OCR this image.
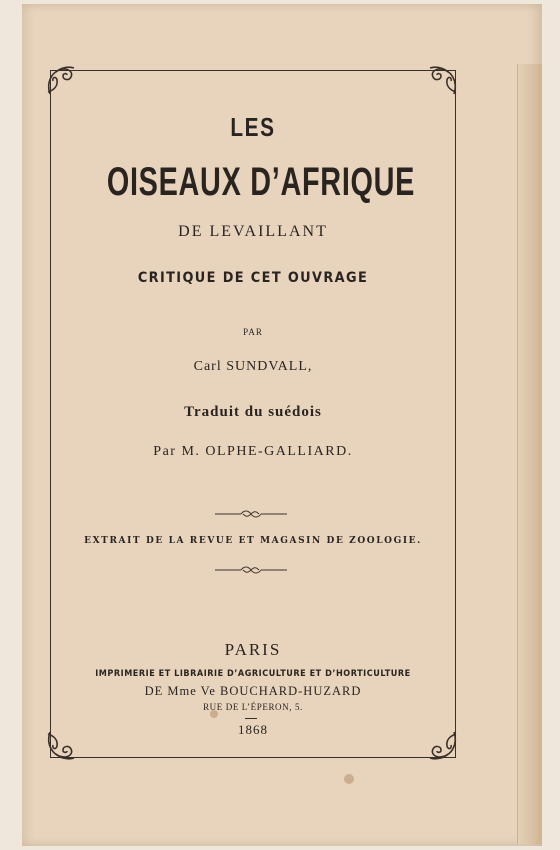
LES
OISEAUX D’AFRIQUE
DE LEVAILLANT
CRITIQUE DE CET OUVRAGE
PAR
Carl SUNDVALL,
Traduit du suédois
Par M. OLPHE-GALLIARD.
EXTRAIT DE LA REVUE ET MAGASIN DE ZOOLOGIE.
PARIS
IMPRIMERIE ET LIBRAIRIE D’AGRICULTURE ET D’HORTICULTURE
DE Mme Ve BOUCHARD-HUZARD
RUE DE L’ÉPERON, 5.
1868
